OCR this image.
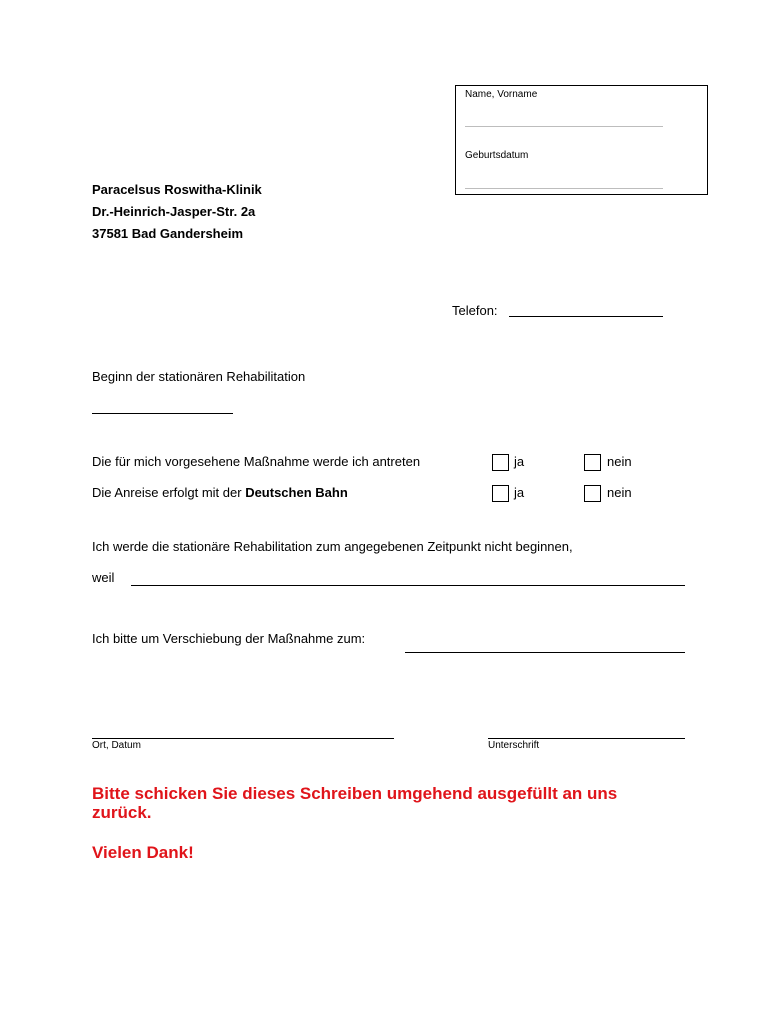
Name, Vorname
Geburtsdatum
Paracelsus Roswitha-Klinik
Dr.-Heinrich-Jasper-Str. 2a
37581 Bad Gandersheim
Telefon:
Beginn der stationären Rehabilitation
Die für mich vorgesehene Maßnahme werde ich antreten	ja	nein
Die Anreise erfolgt mit der Deutschen Bahn	ja	nein
Ich werde die stationäre Rehabilitation zum angegebenen Zeitpunkt nicht beginnen,
weil
Ich bitte um Verschiebung der Maßnahme zum:
Ort, Datum	Unterschrift
Bitte schicken Sie dieses Schreiben umgehend ausgefüllt an uns
zurück.
Vielen Dank!
